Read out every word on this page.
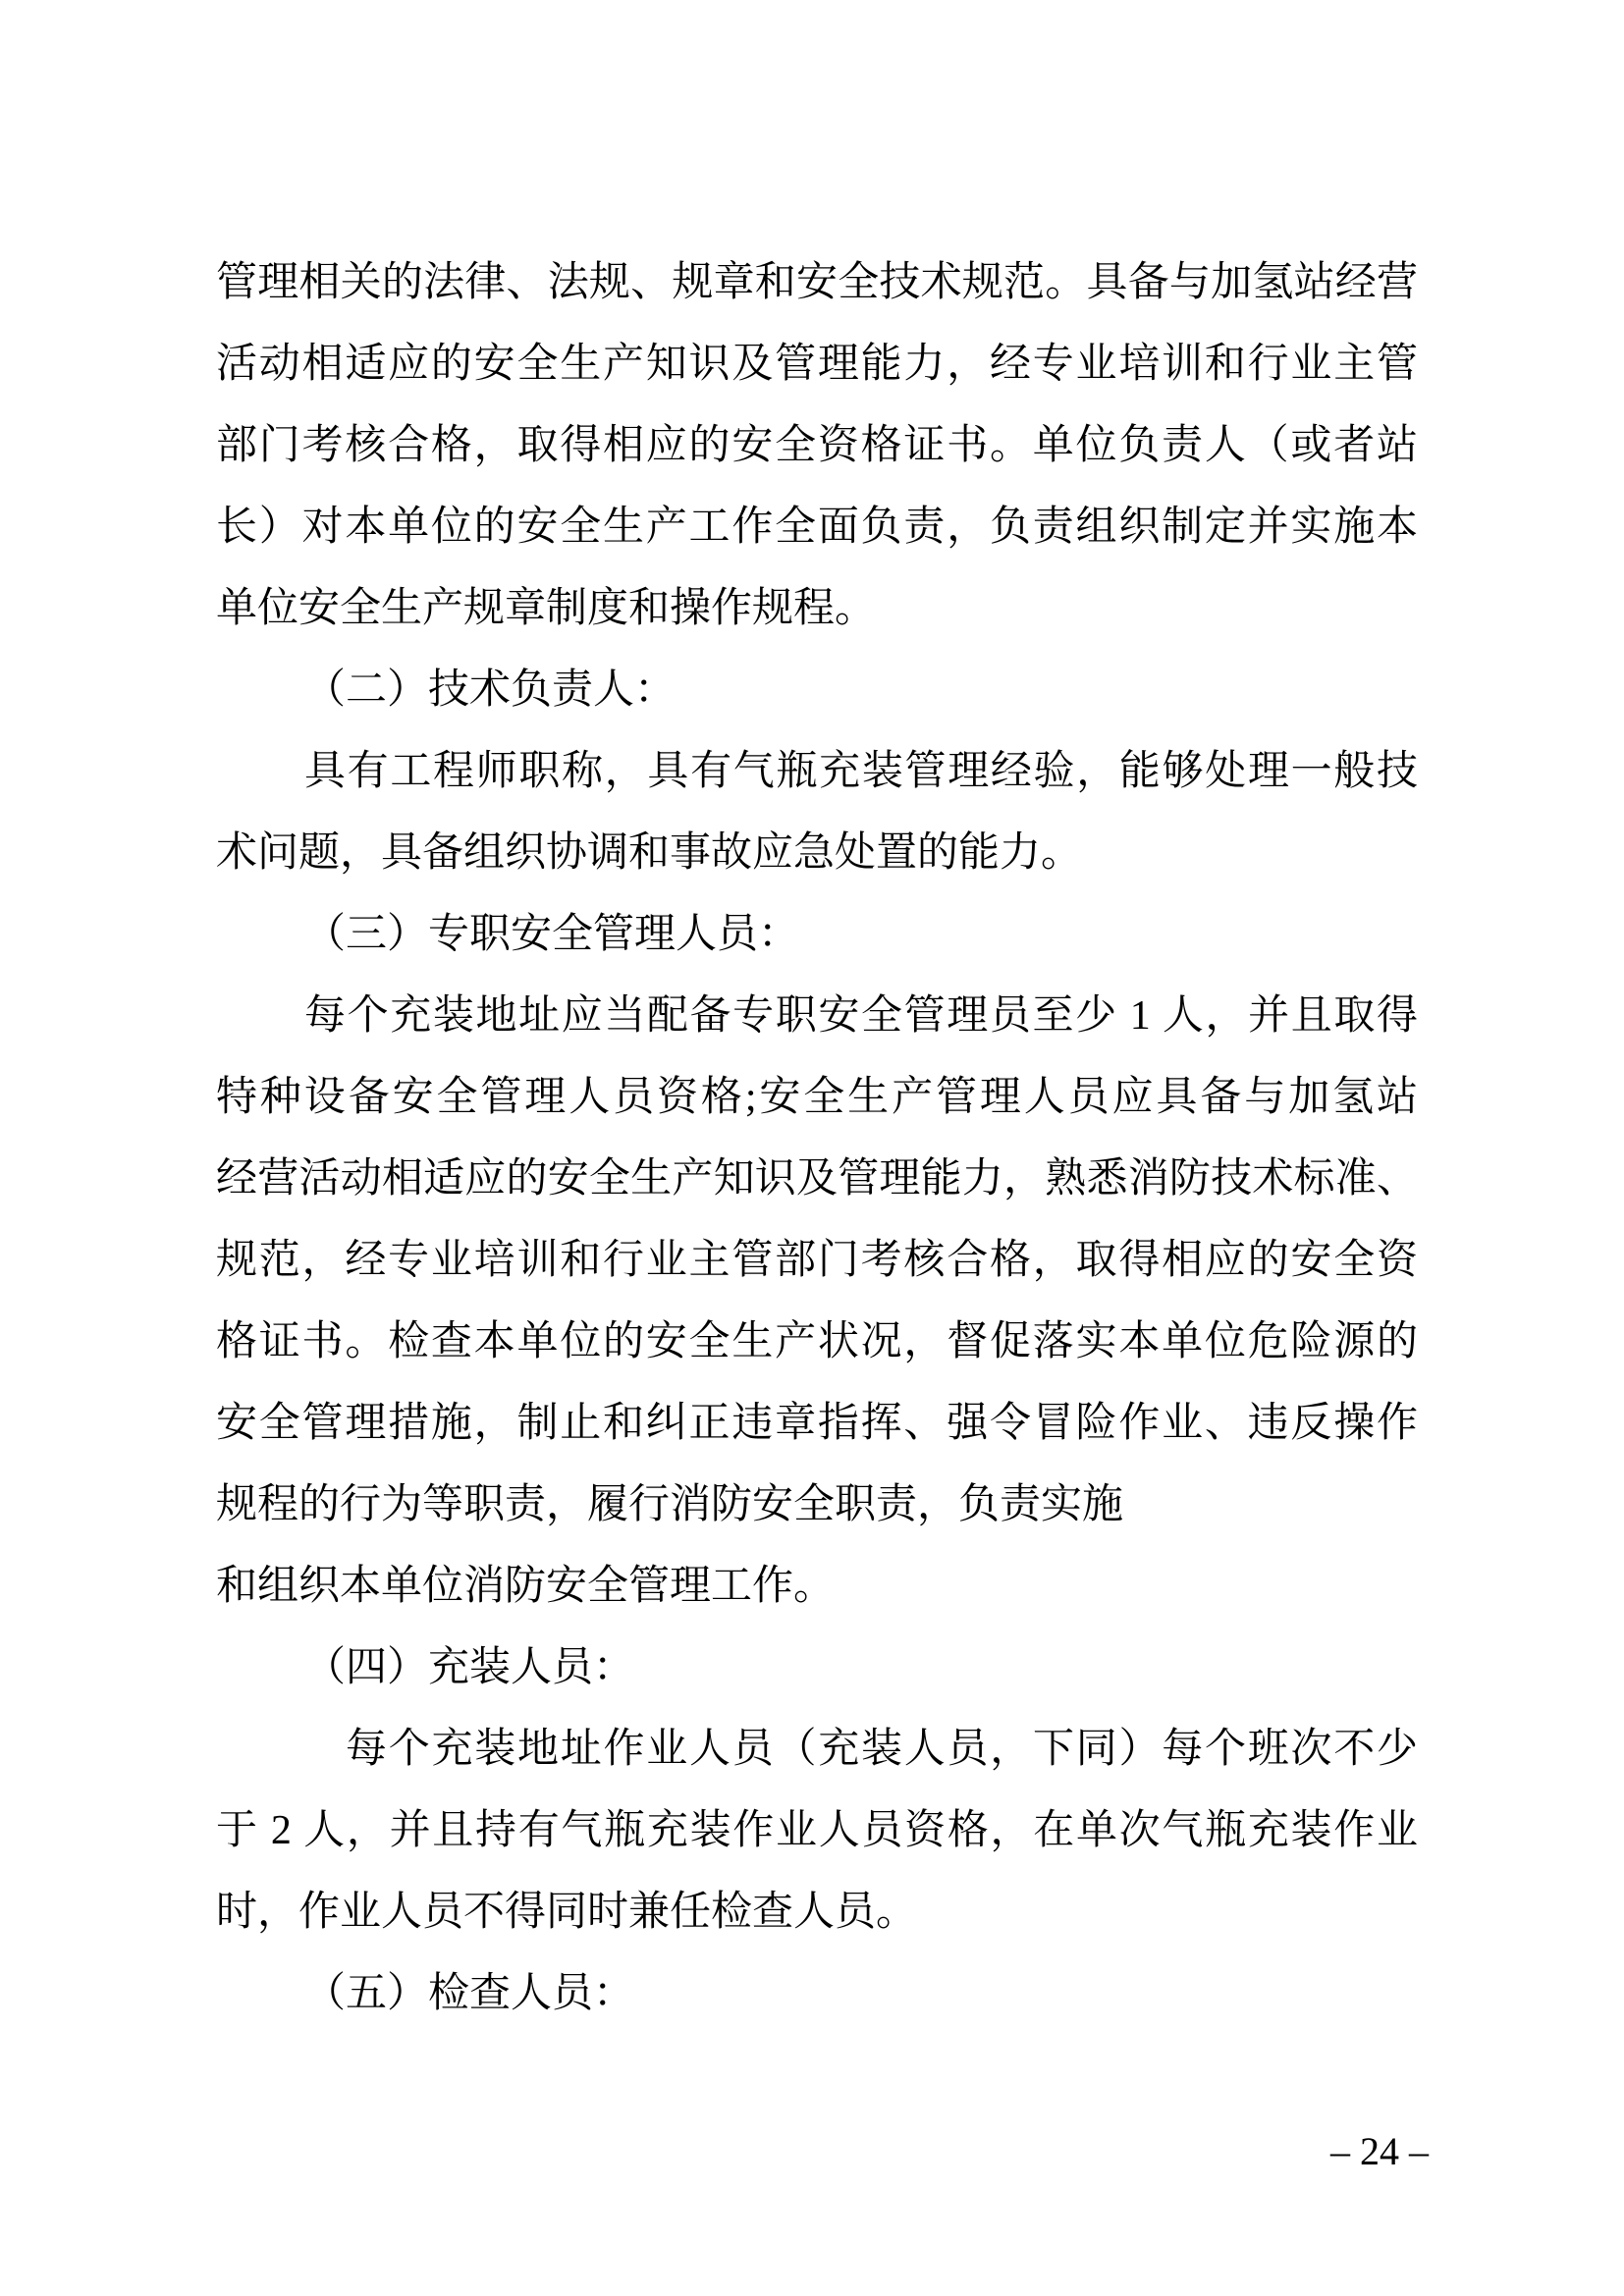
管理相关的法律、法规、规章和安全技术规范。具备与加氢站经营
活动相适应的安全生产知识及管理能力，经专业培训和行业主管
部门考核合格，取得相应的安全资格证书。单位负责人（或者站
长）对本单位的安全生产工作全面负责，负责组织制定并实施本
单位安全生产规章制度和操作规程。
（二）技术负责人：
具有工程师职称，具有气瓶充装管理经验，能够处理一般技
术问题，具备组织协调和事故应急处置的能力。
（三）专职安全管理人员：
每个充装地址应当配备专职安全管理员至少 1 人，并且取得
特种设备安全管理人员资格;安全生产管理人员应具备与加氢站
经营活动相适应的安全生产知识及管理能力，熟悉消防技术标准、
规范，经专业培训和行业主管部门考核合格，取得相应的安全资
格证书。检查本单位的安全生产状况，督促落实本单位危险源的
安全管理措施，制止和纠正违章指挥、强令冒险作业、违反操作
规程的行为等职责，履行消防安全职责，负责实施
和组织本单位消防安全管理工作。
（四）充装人员：
每个充装地址作业人员（充装人员，下同）每个班次不少
于 2 人，并且持有气瓶充装作业人员资格，在单次气瓶充装作业
时，作业人员不得同时兼任检查人员。
（五）检查人员：
– 24 –
